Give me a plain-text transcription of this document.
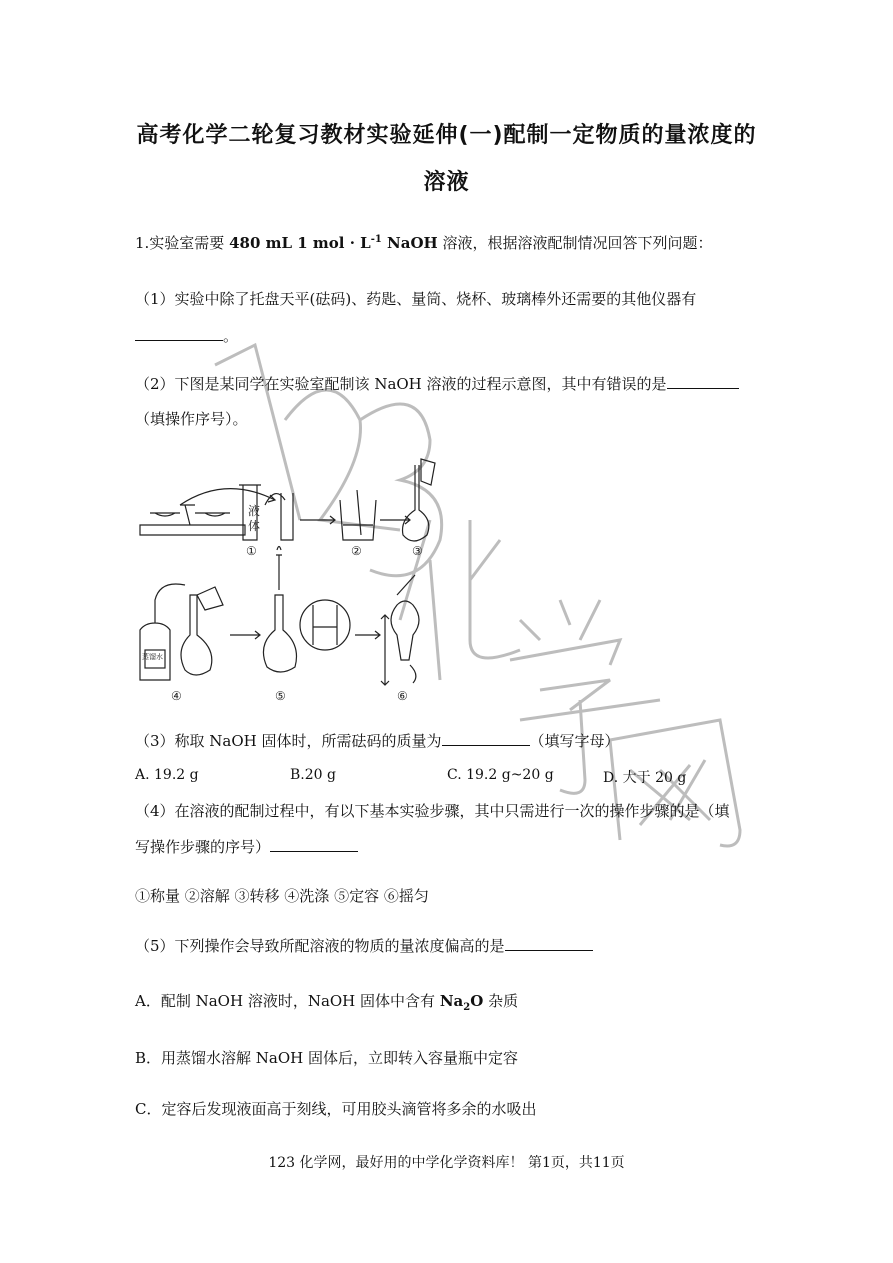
高考化学二轮复习教材实验延伸(一)配制一定物质的量浓度的
溶液
1.实验室需要 480 mL 1 mol · $L^{-1}$ NaOH 溶液，根据溶液配制情况回答下列问题：
（1）实验中除了托盘天平(砝码)、药匙、量筒、烧杯、玻璃棒外还需要的其他仪器有
。
（2）下图是某同学在实验室配制该 NaOH 溶液的过程示意图，其中有错误的是
（填操作序号）。
液
体
蒸馏水
①	②	③
④	⑤	⑥
（3）称取 NaOH 固体时，所需砝码的质量为	（填写字母）
A. 19.2 g	B.20 g	C. 19.2 g~20 g	D. 大于 20 g
（4）在溶液的配制过程中，有以下基本实验步骤，其中只需进行一次的操作步骤的是（填
写操作步骤的序号）
①称量 ②溶解 ③转移 ④洗涤 ⑤定容 ⑥摇匀
（5）下列操作会导致所配溶液的物质的量浓度偏高的是
A．配制 NaOH 溶液时，NaOH 固体中含有 $Na_2O$ 杂质
B．用蒸馏水溶解 NaOH 固体后，立即转入容量瓶中定容
C．定容后发现液面高于刻线，可用胶头滴管将多余的水吸出
123 化学网，最好用的中学化学资料库！ 第1页，共11页
